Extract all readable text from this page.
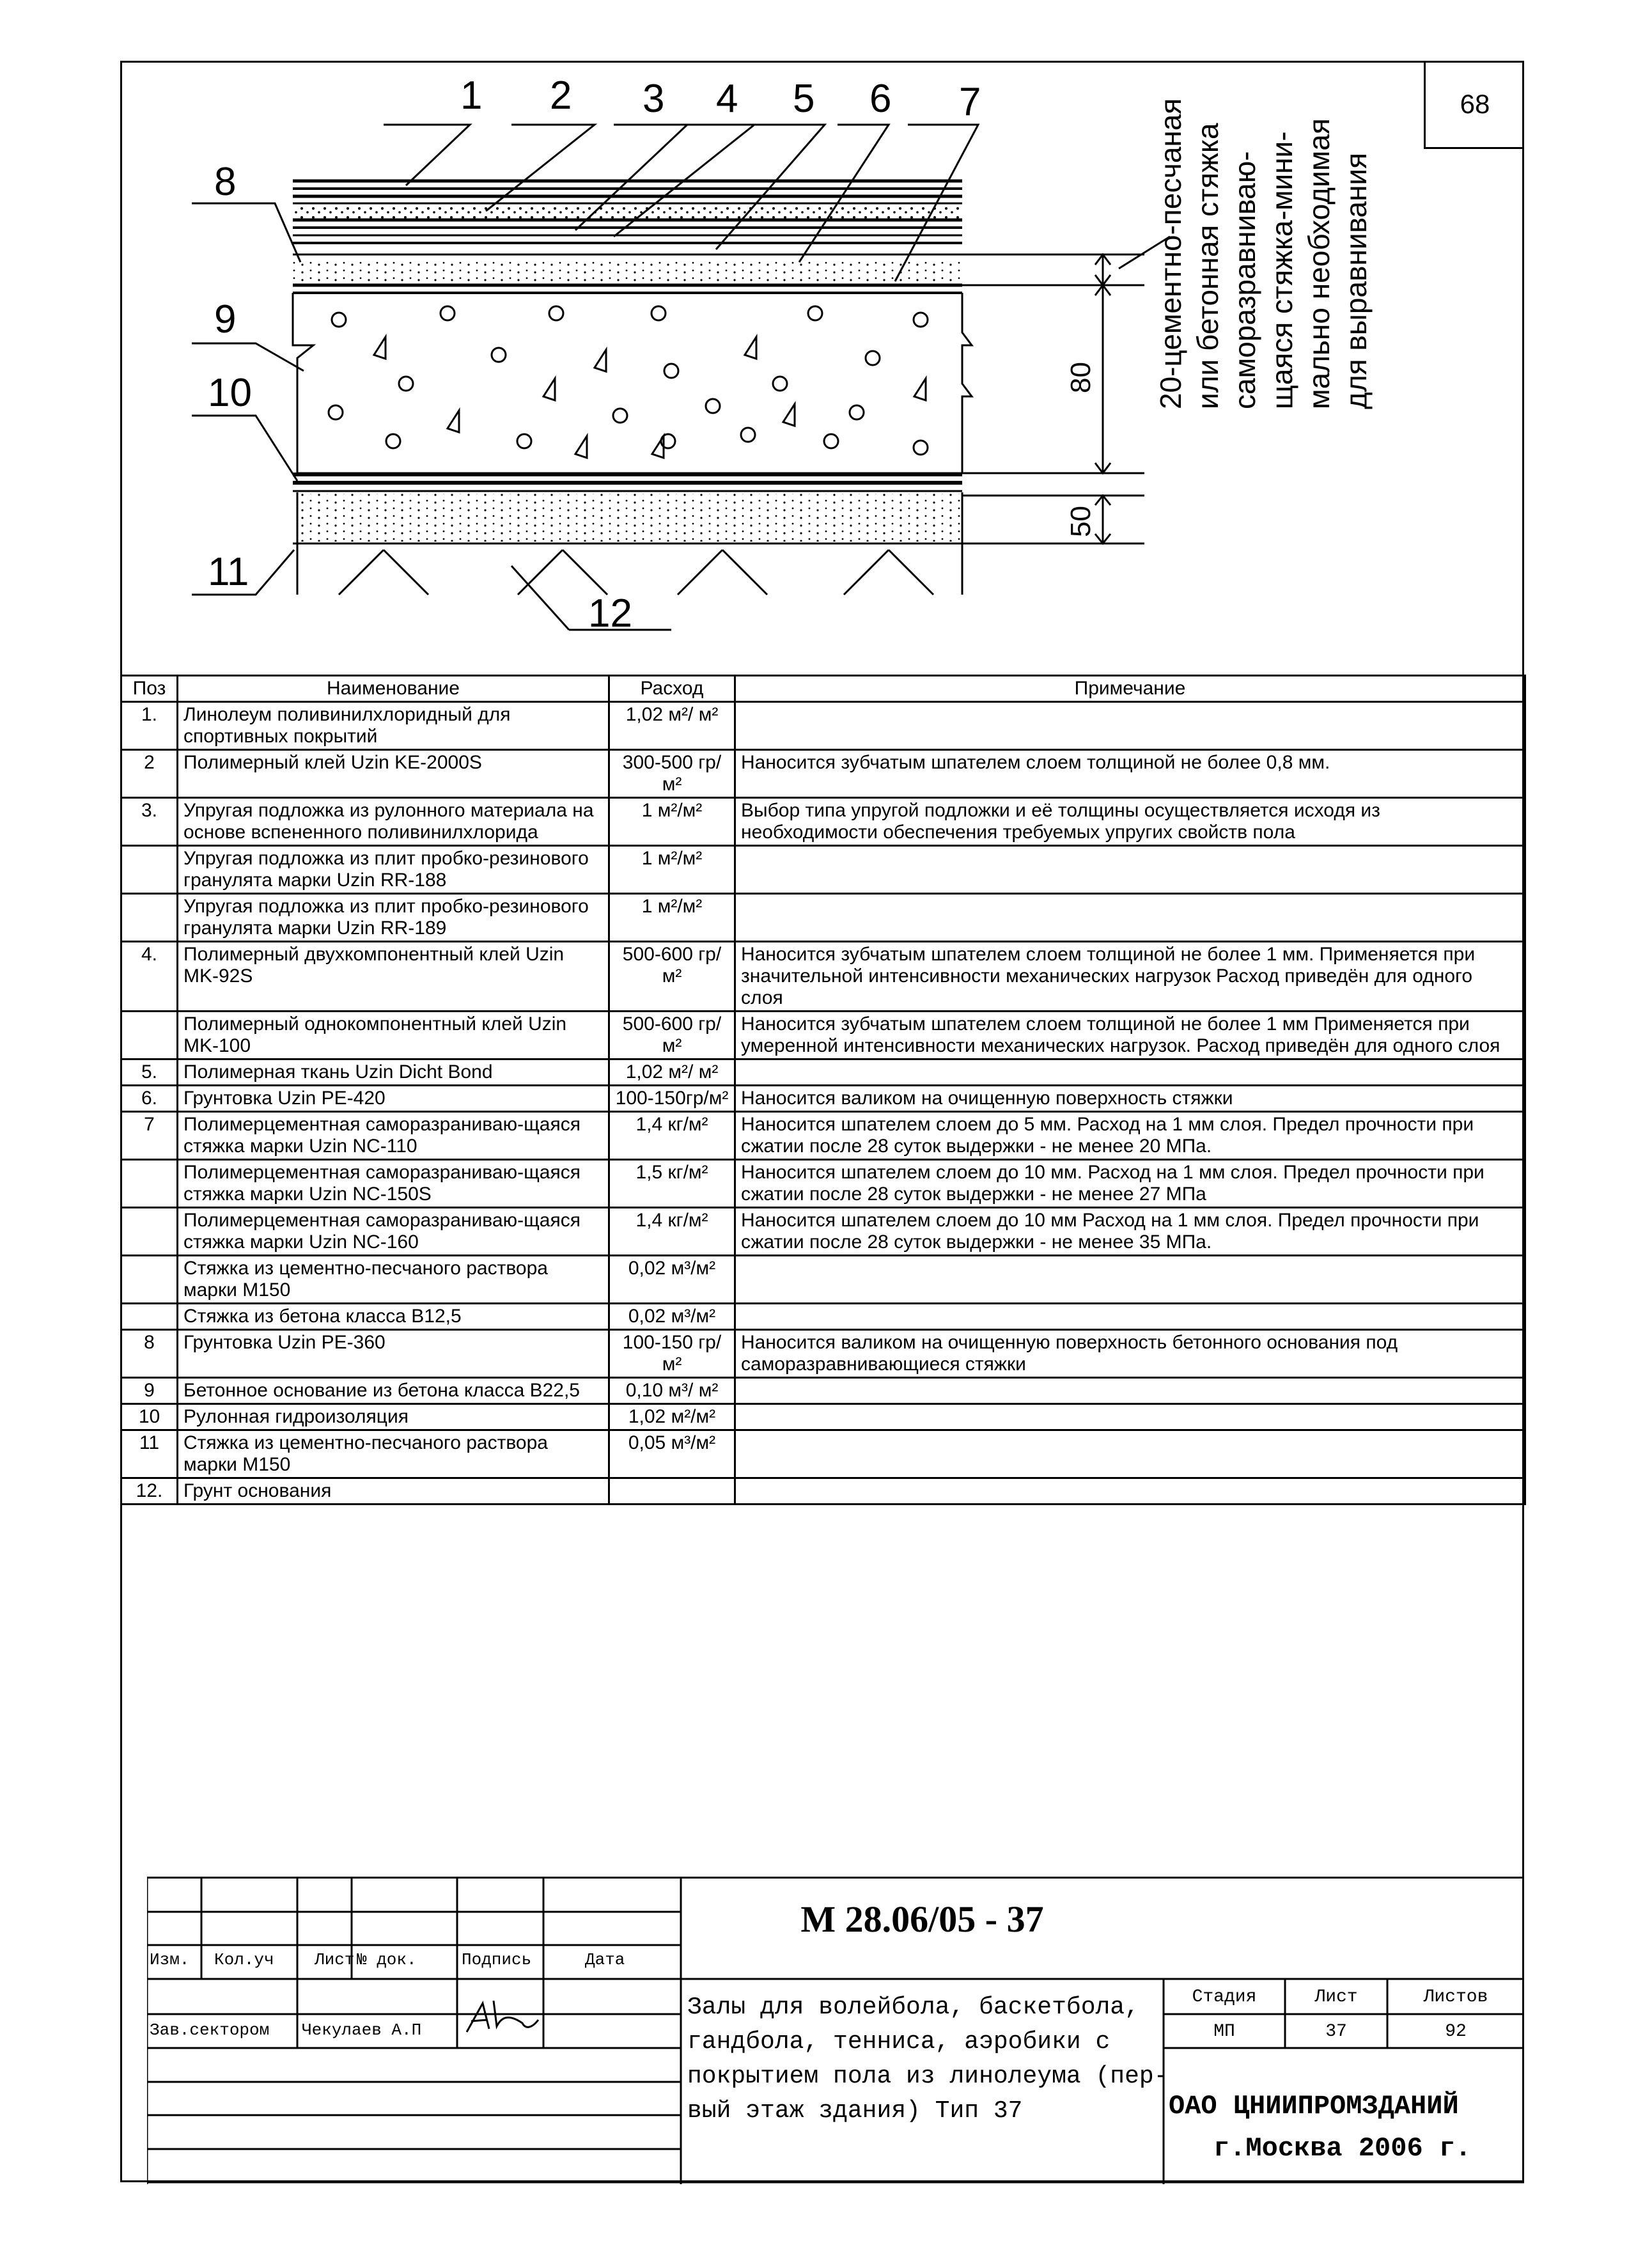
68
1 2 3 4 5 6 7
8
9
10
11
12
80
50
20-цементно-песчаная или бетонная стяжка саморазравниваю- щаяся стяжка-мини- мально необходимая для выравнивания
Поз	Наименование	Расход	Примечание
1.	Линолеум поливинилхлоридный для спортивных покрытий	1,02 м²/ м²	
2	Полимерный клей Uzin KE-2000S	300-500 гр/м²	Наносится зубчатым шпателем слоем толщиной не более 0,8 мм.
3.	Упругая подложка из рулонного материала на основе вспененного поливинилхлорида	1 м²/м²	Выбор типа упругой подложки и её толщины осуществляется исходя из необходимости обеспечения требуемых упругих свойств пола
	Упругая подложка из плит пробко-резинового гранулята марки Uzin RR-188	1 м²/м²	
	Упругая подложка из плит пробко-резинового гранулята марки Uzin RR-189	1 м²/м²	
4.	Полимерный двухкомпонентный клей Uzin MK-92S	500-600 гр/м²	Наносится зубчатым шпателем слоем толщиной не более 1 мм. Применяется при значительной интенсивности механических нагрузок Расход приведён для одного слоя
	Полимерный однокомпонентный клей Uzin MK-100	500-600 гр/м²	Наносится зубчатым шпателем слоем толщиной не более 1 мм Применяется при умеренной интенсивности механических нагрузок. Расход приведён для одного слоя
5.	Полимерная ткань Uzin Dicht Bond	1,02 м²/ м²	
6.	Грунтовка Uzin PE-420	100-150гр/м²	Наносится валиком на очищенную поверхность стяжки
7	Полимерцементная саморазраниваю-щаяся стяжка марки Uzin NC-110	1,4 кг/м²	Наносится шпателем слоем до 5 мм. Расход на 1 мм слоя. Предел прочности при сжатии после 28 суток выдержки - не менее 20 МПа.
	Полимерцементная саморазраниваю-щаяся стяжка марки Uzin NC-150S	1,5 кг/м²	Наносится шпателем слоем до 10 мм. Расход на 1 мм слоя. Предел прочности при сжатии после 28 суток выдержки - не менее 27 МПа
	Полимерцементная саморазраниваю-щаяся стяжка марки Uzin NC-160	1,4 кг/м²	Наносится шпателем слоем до 10 мм Расход на 1 мм слоя. Предел прочности при сжатии после 28 суток выдержки - не менее 35 МПа.
	Стяжка из цементно-песчаного раствора марки М150	0,02 м³/м²	
	Стяжка из бетона класса В12,5	0,02 м³/м²	
8	Грунтовка Uzin PE-360	100-150 гр/м²	Наносится валиком на очищенную поверхность бетонного основания под саморазравнивающиеся стяжки
9	Бетонное основание из бетона класса В22,5	0,10 м³/ м²	
10	Рулонная гидроизоляция	1,02 м²/м²	
11	Стяжка из цементно-песчаного раствора марки М150	0,05 м³/м²	
12.	Грунт основания		
Изм. Кол.уч Лист № док.	Подпись	Дата
Зав.сектором Чекулаев А.П
М 28.06/05 - 37
Залы для волейбола, баскетбола,
гандбола, тенниса, аэробики с
покрытием пола из линолеума (пер-
вый этаж здания) Тип 37
Стадия	Лист	Листов
МП	37	92
ОАО ЦНИИПРОМЗДАНИЙ
г.Москва 2006 г.
